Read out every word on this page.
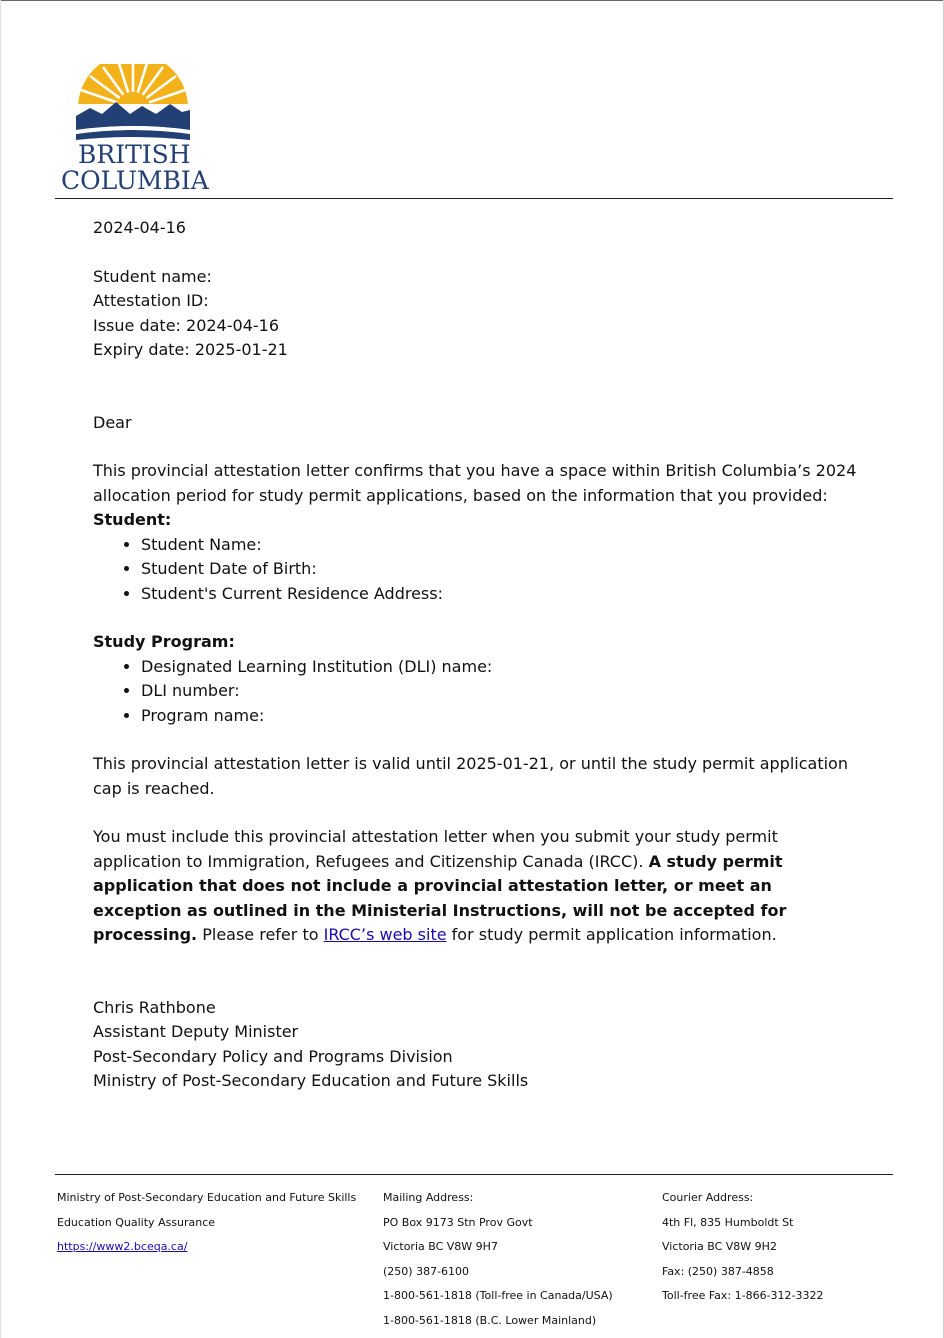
BRITISH
COLUMBIA

2024-04-16

Student name:

Attestation ID:

Issue date: 2024-04-16

Expiry date: 2025-01-21

Dear

This provincial attestation letter confirms that you have a space within British Columbia’s 2024 allocation period for study permit applications, based on the information that you provided:

Student:

• Student Name:
• Student Date of Birth:
• Student's Current Residence Address:

Study Program:

• Designated Learning Institution (DLI) name:
• DLI number:
• Program name:

This provincial attestation letter is valid until 2025-01-21, or until the study permit application cap is reached.

You must include this provincial attestation letter when you submit your study permit application to Immigration, Refugees and Citizenship Canada (IRCC). A study permit application that does not include a provincial attestation letter, or meet an exception as outlined in the Ministerial Instructions, will not be accepted for processing. Please refer to IRCC’s web site for study permit application information.

Chris Rathbone

Assistant Deputy Minister

Post-Secondary Policy and Programs Division

Ministry of Post-Secondary Education and Future Skills

Ministry of Post-Secondary Education and Future Skills
Education Quality Assurance
https://www2.bceqa.ca/
Mailing Address:
PO Box 9173 Stn Prov Govt
Victoria BC V8W 9H7
(250) 387-6100
1-800-561-1818 (Toll-free in Canada/USA)
1-800-561-1818 (B.C. Lower Mainland)
Courier Address:
4th Fl, 835 Humboldt St
Victoria BC V8W 9H2
Fax: (250) 387-4858
Toll-free Fax: 1-866-312-3322
